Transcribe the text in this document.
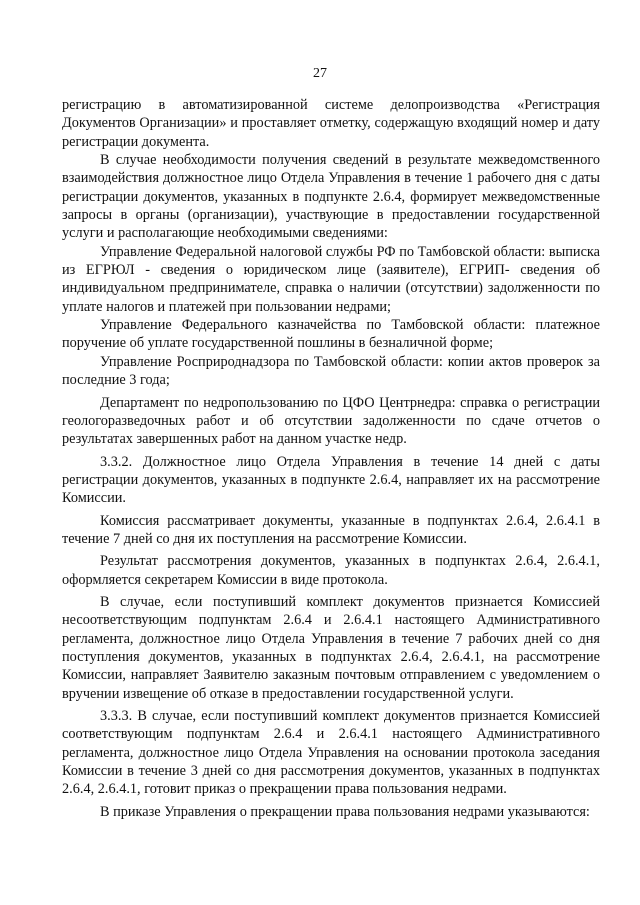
27

регистрацию в автоматизированной системе делопроизводства «Регистрация Документов Организации» и проставляет отметку, содержащую входящий номер и дату регистрации документа.

В случае необходимости получения сведений в результате межведомственного взаимодействия должностное лицо Отдела Управления в течение 1 рабочего дня с даты регистрации документов, указанных в подпункте 2.6.4, формирует межведомственные запросы в органы (организации), участвующие в предоставлении государственной услуги и располагающие необходимыми сведениями:

Управление Федеральной налоговой службы РФ по Тамбовской области: выписка из ЕГРЮЛ - сведения о юридическом лице (заявителе), ЕГРИП- сведения об индивидуальном предпринимателе, справка о наличии (отсутствии) задолженности по уплате налогов и платежей при пользовании недрами;

Управление Федерального казначейства по Тамбовской области: платежное поручение об уплате государственной пошлины в безналичной форме;

Управление Росприроднадзора по Тамбовской области: копии актов проверок за последние 3 года;

Департамент по недропользованию по ЦФО Центрнедра: справка о регистрации геологоразведочных работ и об отсутствии задолженности по сдаче отчетов о результатах завершенных работ на данном участке недр.

3.3.2. Должностное лицо Отдела Управления в течение 14 дней с даты регистрации документов, указанных в подпункте 2.6.4, направляет их на рассмотрение Комиссии.

Комиссия рассматривает документы, указанные в подпунктах 2.6.4, 2.6.4.1 в течение 7 дней со дня их поступления на рассмотрение Комиссии.

Результат рассмотрения документов, указанных в подпунктах 2.6.4, 2.6.4.1, оформляется секретарем Комиссии в виде протокола.

В случае, если поступивший комплект документов признается Комиссией несоответствующим подпунктам 2.6.4 и 2.6.4.1 настоящего Административного регламента, должностное лицо Отдела Управления в течение 7 рабочих дней со дня поступления документов, указанных в подпунктах 2.6.4, 2.6.4.1, на рассмотрение Комиссии, направляет Заявителю заказным почтовым отправлением с уведомлением о вручении извещение об отказе в предоставлении государственной услуги.

3.3.3. В случае, если поступивший комплект документов признается Комиссией соответствующим подпунктам 2.6.4 и 2.6.4.1 настоящего Административного регламента, должностное лицо Отдела Управления на основании протокола заседания Комиссии в течение 3 дней со дня рассмотрения документов, указанных в подпунктах 2.6.4, 2.6.4.1, готовит приказ о прекращении права пользования недрами.

В приказе Управления о прекращении права пользования недрами указываются:
